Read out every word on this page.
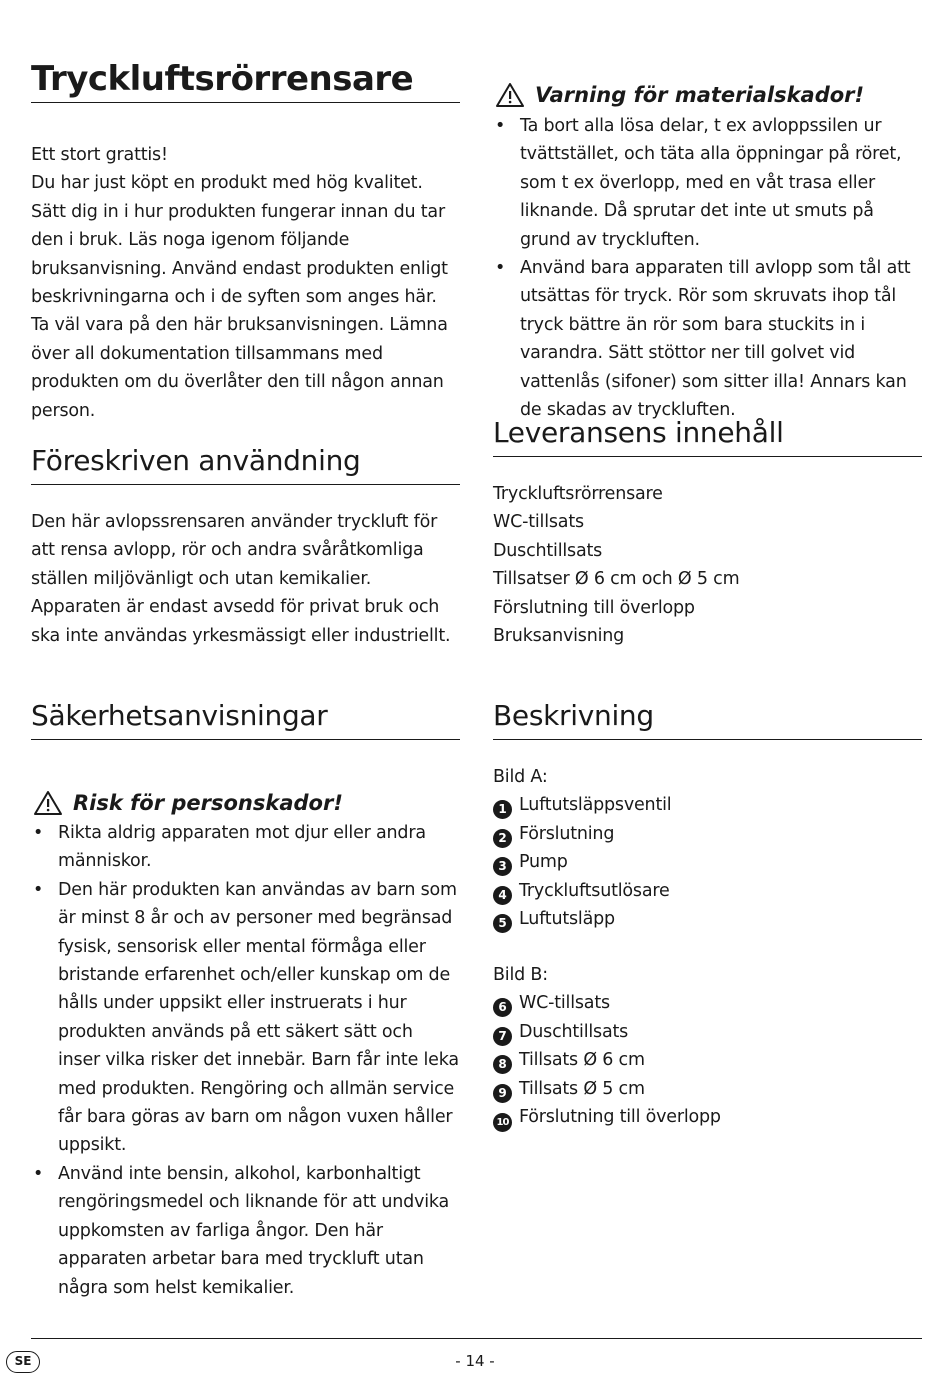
Tryckluftsrörrensare

Ett stort grattis!

Du har just köpt en produkt med hög kvalitet. Sätt dig in i hur produkten fungerar innan du tar den i bruk. Läs noga igenom följande bruksanvisning. Använd endast produkten enligt beskrivningarna och i de syften som anges här. Ta väl vara på den här bruksanvisningen. Lämna över all dokumentation tillsammans med produkten om du överlåter den till någon annan person.

Föreskriven användning

Den här avlopssrensaren använder tryckluft för att rensa avlopp, rör och andra svåråtkomliga ställen miljövänligt och utan kemikalier.

Apparaten är endast avsedd för privat bruk och ska inte användas yrkesmässigt eller industriellt.

Säkerhetsanvisningar
Risk för personskador!
• Rikta aldrig apparaten mot djur eller andra människor.
• Den här produkten kan användas av barn som är minst 8 år och av personer med begränsad fysisk, sensorisk eller mental förmåga eller bristande erfarenhet och/eller kunskap om de hålls under uppsikt eller instruerats i hur produkten används på ett säkert sätt och inser vilka risker det innebär. Barn får inte leka med produkten. Rengöring och allmän service får bara göras av barn om någon vuxen håller uppsikt.
• Använd inte bensin, alkohol, karbonhaltigt rengöringsmedel och liknande för att undvika uppkomsten av farliga ångor. Den här apparaten arbetar bara med tryckluft utan några som helst kemikalier.
Varning för materialskador!
• Ta bort alla lösa delar, t ex avloppssilen ur tvättstället, och täta alla öppningar på röret, som t ex överlopp, med en våt trasa eller liknande. Då sprutar det inte ut smuts på grund av tryckluften.
• Använd bara apparaten till avlopp som tål att utsättas för tryck. Rör som skruvats ihop tål tryck bättre än rör som bara stuckits in i varandra. Sätt stöttor ner till golvet vid vattenlås (sifoner) som sitter illa! Annars kan de skadas av tryckluften.
Leveransens innehåll
Tryckluftsrörrensare
WC-tillsats
Duschtillsats
Tillsatser Ø 6 cm och Ø 5 cm
Förslutning till överlopp
Bruksanvisning
Beskrivning
Bild A:
1 Luftutsläppsventil
2 Förslutning
3 Pump
4 Tryckluftsutlösare
5 Luftutsläpp
Bild B:
6 WC-tillsats
7 Duschtillsats
8 Tillsats Ø 6 cm
9 Tillsats Ø 5 cm
10 Förslutning till överlopp
SE	- 14 -
